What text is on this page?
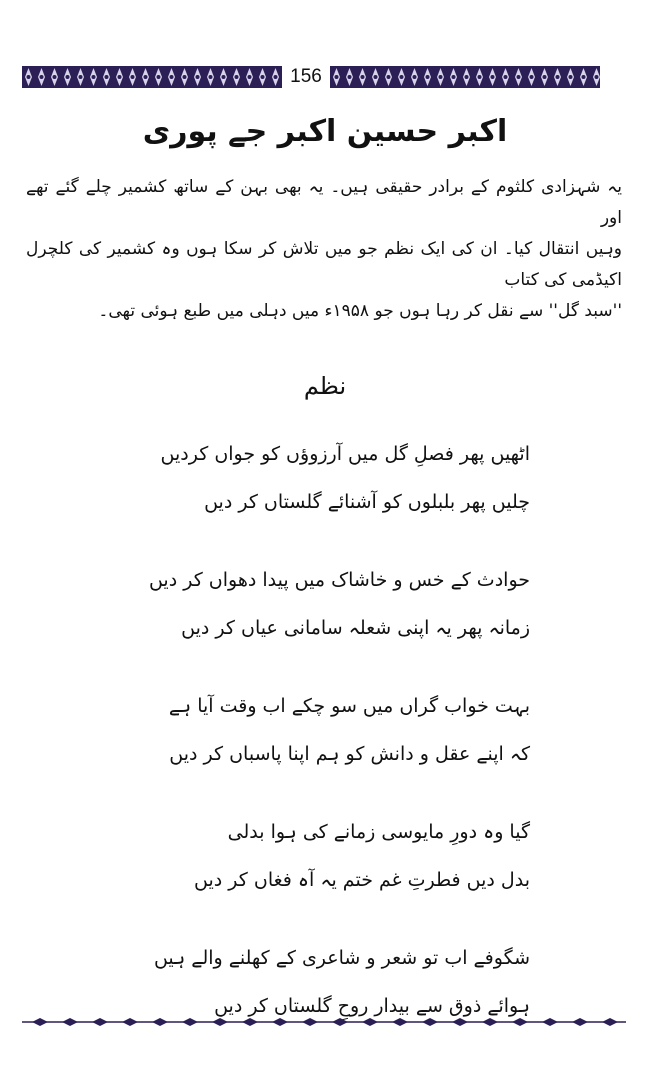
156
اکبر حسین اکبر جے پوری

یہ شہزادی کلثوم کے برادر حقیقی ہیں۔ یہ بھی بہن کے ساتھ کشمیر چلے گئے تھے اور

وہیں انتقال کیا۔ ان کی ایک نظم جو میں تلاش کر سکا ہوں وہ کشمیر کی کلچرل اکیڈمی کی کتاب

''سبد گل'' سے نقل کر رہا ہوں جو ۱۹۵۸ء میں دہلی میں طبع ہوئی تھی۔

نظم
اٹھیں پھر فصلِ گل میں آرزوؤں کو جواں کردیں
چلیں پھر بلبلوں کو آشنائے گلستاں کر دیں
حوادث کے خس و خاشاک میں پیدا دھواں کر دیں
زمانہ پھر یہ اپنی شعلہ سامانی عیاں کر دیں
بہت خواب گراں میں سو چکے اب وقت آیا ہے
کہ اپنے عقل و دانش کو ہم اپنا پاسباں کر دیں
گیا وہ دورِ مایوسی زمانے کی ہوا بدلی
بدل دیں فطرتِ غم ختم یہ آہ فغاں کر دیں
شگوفے اب تو شعر و شاعری کے کھلنے والے ہیں
ہوائے ذوق سے بیدار روحِ گلستاں کر دیں
